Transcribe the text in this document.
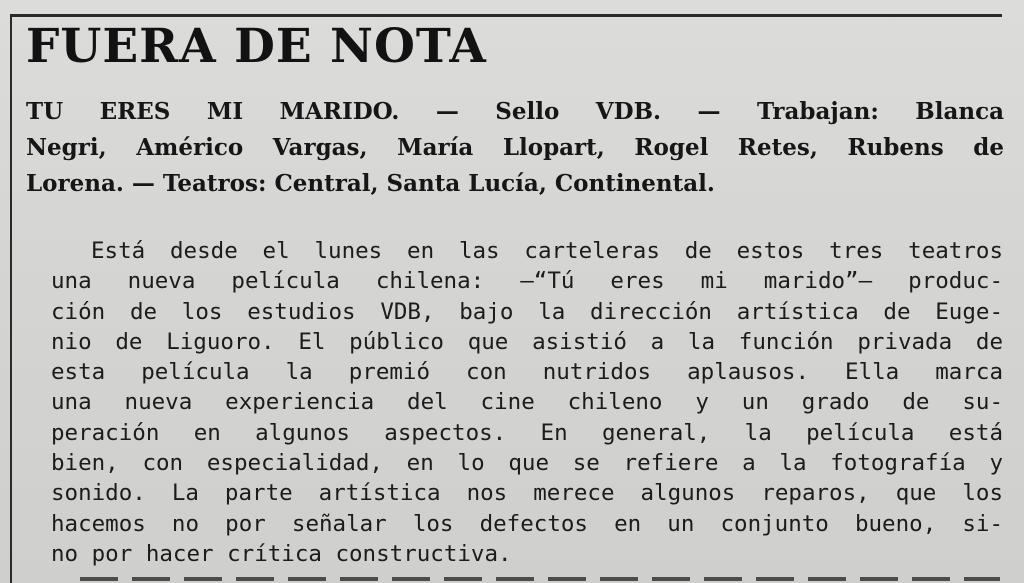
FUERA DE NOTA
TU ERES MI MARIDO. — Sello VDB. — Trabajan: Blanca
Negri, Américo Vargas, María Llopart, Rogel Retes, Rubens de
Lorena. — Teatros: Central, Santa Lucía, Continental.
Está desde el lunes en las carteleras de estos tres teatros
una nueva película chilena: —“Tú eres mi marido”— produc-
ción de los estudios VDB, bajo la dirección artística de Euge-
nio de Liguoro. El público que asistió a la función privada de
esta película la premió con nutridos aplausos. Ella marca
una nueva experiencia del cine chileno y un grado de su-
peración en algunos aspectos. En general, la película está
bien, con especialidad, en lo que se refiere a la fotografía y
sonido. La parte artística nos merece algunos reparos, que los
hacemos no por señalar los defectos en un conjunto bueno, si-
no por hacer crítica constructiva.
